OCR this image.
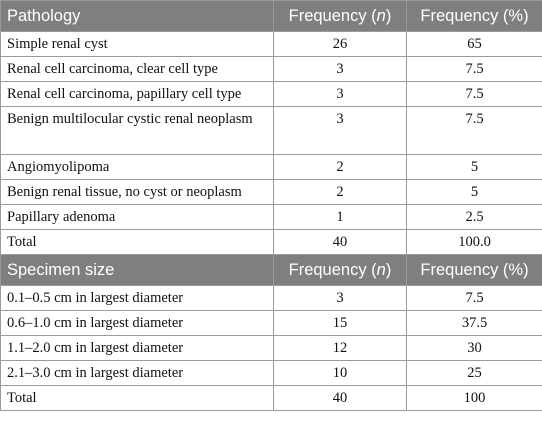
Pathology	Frequency (n)	Frequency (%)
Simple renal cyst	26	65
Renal cell carcinoma, clear cell type	3	7.5
Renal cell carcinoma, papillary cell type	3	7.5
Benign multilocular cystic renal neoplasm	3	7.5
Angiomyolipoma	2	5
Benign renal tissue, no cyst or neoplasm	2	5
Papillary adenoma	1	2.5
Total	40	100.0
Specimen size	Frequency (n)	Frequency (%)
0.1–0.5 cm in largest diameter	3	7.5
0.6–1.0 cm in largest diameter	15	37.5
1.1–2.0 cm in largest diameter	12	30
2.1–3.0 cm in largest diameter	10	25
Total	40	100
